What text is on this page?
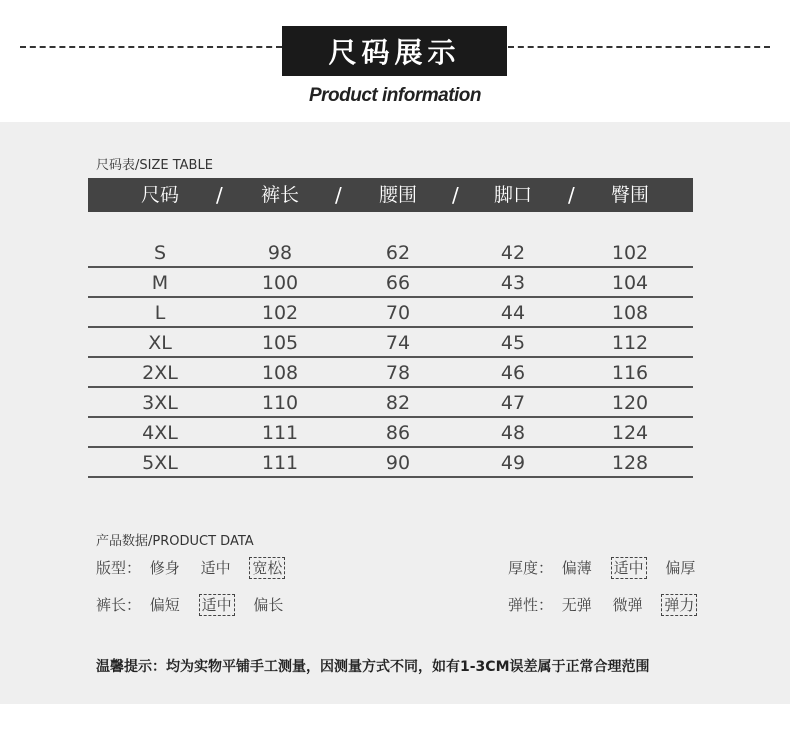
尺码展示
Product information
尺码表/SIZE TABLE
尺码	/	裤长	/	腰围	/	脚口	/	臀围
S	98	62	42	102
M	100	66	43	104
L	102	70	44	108
XL	105	74	45	112
2XL	108	78	46	116
3XL	110	82	47	120
4XL	111	86	48	124
5XL	111	90	49	128
产品数据/PRODUCT DATA
版型： 修身 适中 宽松	厚度： 偏薄 适中 偏厚
裤长： 偏短 适中 偏长	弹性： 无弹 微弹 弹力
温馨提示：均为实物平铺手工测量，因测量方式不同，如有1-3CM误差属于正常合理范围
